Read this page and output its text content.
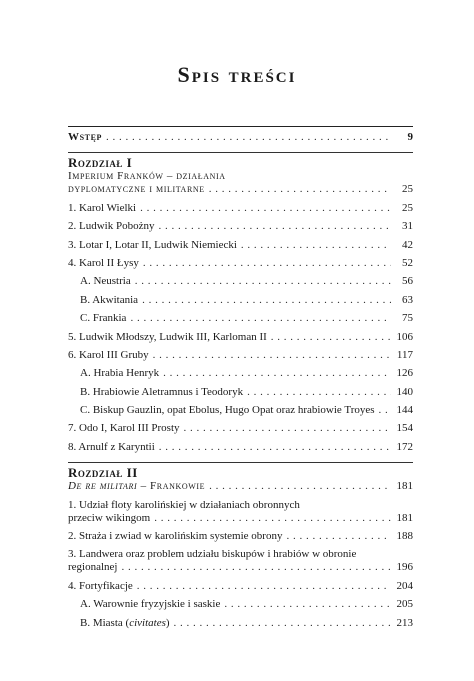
Spis treści
Wstęp . . .	9
Rozdział I
Imperium Franków – działania
dyplomatyczne i militarne . . .	25
1. Karol Wielki . . .	25
2. Ludwik Pobożny . . .	31
3. Lotar I, Lotar II, Ludwik Niemiecki . . .	42
4. Karol II Łysy . . .	52
A. Neustria . . .	56
B. Akwitania . . .	63
C. Frankia . . .	75
5. Ludwik Młodszy, Ludwik III, Karloman II . . .	106
6. Karol III Gruby . . .	117
A. Hrabia Henryk . . .	126
B. Hrabiowie Aletramnus i Teodoryk . . .	140
C. Biskup Gauzlin, opat Ebolus, Hugo Opat oraz hrabiowie Troyes . . .	144
7. Odo I, Karol III Prosty . . .	154
8. Arnulf z Karyntii . . .	172
Rozdział II
De re militari – Frankowie . . .	181
1. Udział floty karolińskiej w działaniach obronnych
przeciw wikingom . . .	181
2. Straża i zwiad w karolińskim systemie obrony . . .	188
3. Landwera oraz problem udziału biskupów i hrabiów w obronie
regionalnej . . .	196
4. Fortyfikacje . . .	204
A. Warownie fryzyjskie i saskie . . .	205
B. Miasta (civitates) . . .	213
